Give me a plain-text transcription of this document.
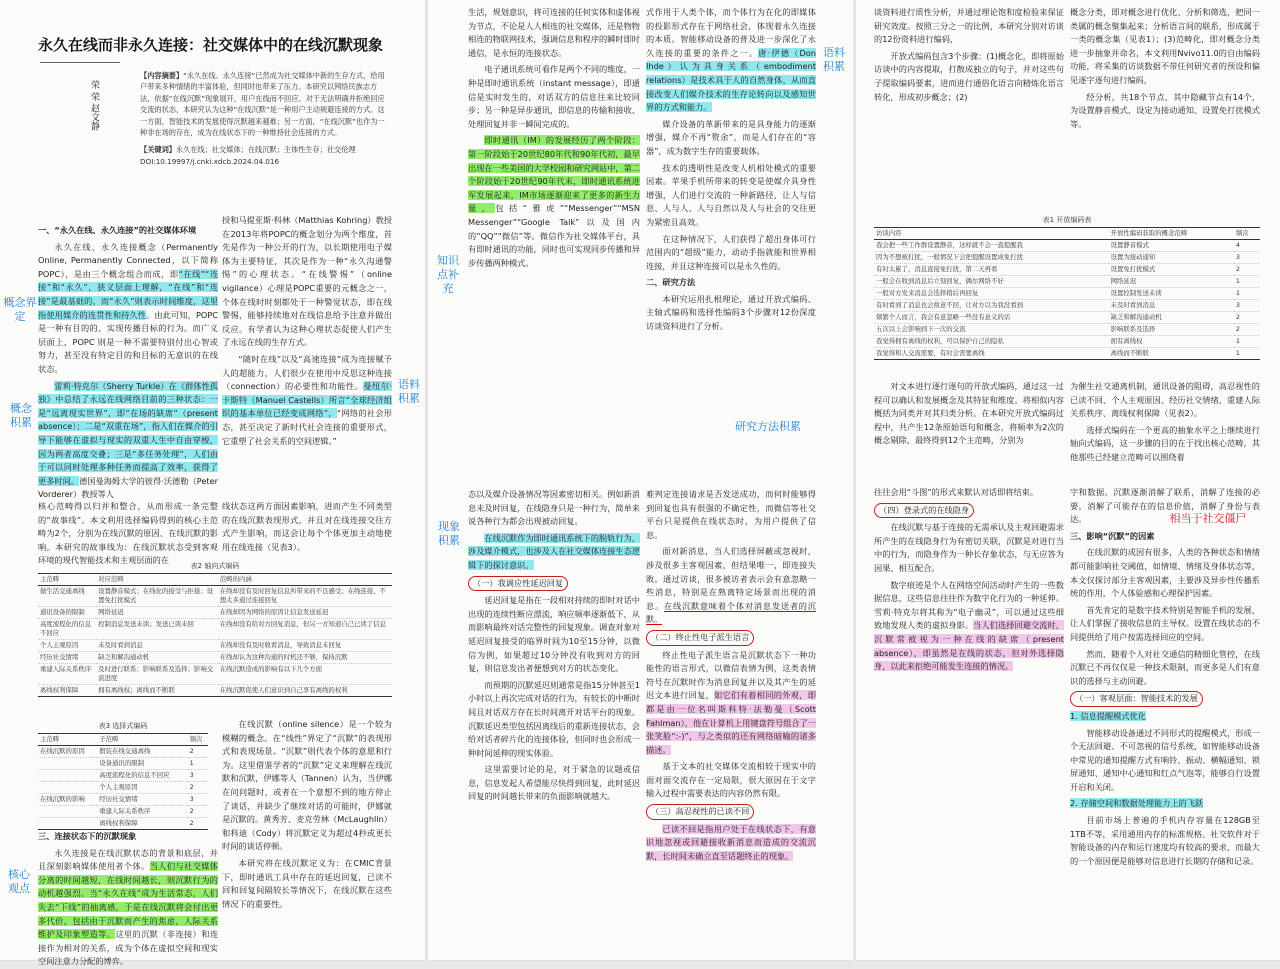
永久在线而非永久连接：社交媒体中的在线沉默现象
荣 荣 赵文静
【内容摘要】“永久在线、永久连接”已然成为社交媒体中新的生存方式，给用户带来多种情绪的丰富体验，但同时也带来了压力。本研究以网络民族志方法，依据“在线沉默”现象展开，用户在线而不回应。对于无法明确并拒绝回应交流的状态，本研究认为这种“在线沉默”是一种用户主动规避连接的方式。这一方面，智能技术的发展使得沉默越来越难；另一方面，“在线沉默”也作为一种非在场的存在，成为在线状态下的一种维持社会连接的方式。
【关键词】永久在线；社交媒体；在线沉默；主体性生存；社交伦理
DOI:10.19997/j.cnki.xdcb.2024.04.016

一、“永久在线、永久连接”的社交媒体环境

永久在线、永久连接概念（Permanently Online, Permanently Connected，以下简称 POPC），是由三个概念组合而成，即“在线”“连接”和“永久”，狭义层面上理解，“在线”和“连接”是最基础的，而“永久”则表示时间维度，这里指使用媒介的连贯性和持久性。由此可知，POPC 是一种有目的的、实现传播目标的行为。而广义层面上，POPC 则是一种不需要特别付出心智或努力，甚至没有特定目的和目标的无意识的在线状态。

雷莉·特克尔（Sherry Turkle）在《群体性孤独》中总结了永远在线网络目前的三种状态：一是“远离现实世界”，即“在场的缺席”（present absence）；二是“双重在场”，指人们在媒介的引导下能够在虚拟与现实的双重人生中自由穿梭，因为两者高度交叠；三是“多任务处理”，人们由于可以同时处理多种任务而提高了效率，获得了更多时间。德国曼海姆大学的彼得·沃德勒（Peter Vorderer）教授等人

授和马提亚斯·科林（Matthias Kohring）教授在2013年将POPC的概念划分为两个维度，首先是作为一种公开的行为，以长期使用电子媒体为主要特征，其次是作为一种“永久沟通警惕”的心理状态。“在线警惕”（online vigilance）心理是POPC重要的元概念之一，个体在线时时刻都处于一种警觉状态，即在线警惕，能够持续地对在线信息给予注意并做出反应。有学者认为这种心理状态促使人们产生了永远在线的生存方式。

“随时在线”以及“高速连接”成为连接赋予人的超能力，人们很少在使用中反思这种连接（connection）的必要性和功能性。曼纽尔·卡斯特（Manuel Castells）所言“全球经济组织的基本单位已经变成网络”，“网络的社会形态，甚至决定了新时代社会连接的重要形式，它重塑了社会关系的空间逻辑。”

核心范畴得以归并和整合，从而形成一条完整的“故事线”。本文利用选择编码得到的核心主范畴为2个，分别为在线沉默的原因、在线沉默的影响。本研究的故事线为：在线沉默状态受到客观环境的现代智能技术和主观层面的在

线状态这两方面因素影响，进而产生不同类型的在线沉默表现形式，并且对在线连接交往方式产生影响，而这会让每个个体更加主动地使用在线连接（见表3）。

表2 轴向式编码
主范畴	对应范畴	范畴的内涵
做生活交通离线	设置静音模式；在线化的接受与拒接；设置免打扰模式	在线却没有及时回复信息所带来的不良感受；在线连接，不想太多通过连接回复
通讯设备的限制	网络延迟	在线却因为网络的原因让信息发送延迟
高度流程化的信息不回应	控制消息发送未读；发送已读未回	在线却没有给对方回复消息，但另一方知道自己已读了信息
个人主观原因	未及时看到消息	在线却没有及时收看消息，导致消息未回复
经历社交情绪	缺乏和解沟通动机	在线却认为这种沟通的时机还不够，保持沉默
重建人际关系秩序	及时进行联系；影响联系及选择；影响交流进度	在线沉默造成的影响有以下几个方面
离线权利保障	拥有离线权；离线而不断联	在线沉默促使人们意识到自己享有离线的权利
表3 选择式编码
主范畴	子范畴	频次
在线沉默的原因	假装在线交通离线	2
	设备通讯的限制	1
	高度流程化的信息不回应	3
	个人主观原因	2
在线沉默的影响	经历社交情绪	3
	重建人际关系秩序	2
	离线权利保障	2

三、连接状态下的沉默现象

永久连接是在线沉默状态的背景和底层，并且深刻影响媒体使用者个体。当人们与社交媒体分离的时间越短，在线时间越长，则沉默行为的动机越强烈。当“永久在线”成为生活常态，人们失去“下线”的抽离感，于是在线沉默将会付出更多代价，包括由于沉默而产生的焦虑，人际关系维护及印象塑造等。这里的沉默（非连接）和连接作为相对的关系，成为个体在虚拟空间和现实空间注意力分配的博弈。

在线沉默（online silence）是一个较为模糊的概念。在“线性”界定了“沉默”的表现形式和表现场景。“沉默”则代表个体的意愿和行为。这里借鉴学者的“沉默”定义来理解在线沉默和沉默，伊娜等人（Tannen）认为，当伊娜在问问题时，或者在一个意想不到的地方停止了谈话，并缺少了继续对话的可能时，伊娜就是沉默的。黄秀芳、麦克劳林（McLaughlin）和科迪（Cody）将沉默定义为超过4秒或更长时间的谈话停顿。

本研究将在线沉默定义为：在CMIC背景下，即时通讯工具中存在的延迟回复，已读不回和回复间隔较长等情况下，在线沉默在这些情况下的重要性。

概念界定
概念积累
语料积累
核心观点

生活，规划意识，将可连接的任何实体和虚体视为节点，不论是人人相连的社交媒体，还是物物相连的物联网技术，强调信息和程序的瞬时即时通信，是永恒的连接状态。

电子通讯系统可看作是两个不同的维度，一种是即时通讯系统（instant message），即通信是实时发生的，对话双方的信息往来比较同步；另一种是异步通讯，即信息的传输和接收、处理回复并非一瞬间完成的。

即时通讯（IM）的发展经历了两个阶段：第一阶段始于20世纪80年代和90年代初，最早出现在一些美国的大学校园和研究网站中，第二个阶段始于20世纪90年代末，即时通讯系统进军发展起来，IM市场逐渐迎来了更多的新生力量，包括“雅虎”“Messenger”“MSN Messenger”“Google Talk”以及国内的“QQ”“微信”等。微信作为社交媒体平台，具有即时通讯的功能，同时也可实现同步传播和异步传播两种模式。

式作用于人类个体，而个体行为在化的即媒体的投影形式存在于网络社会，体现着永久连接的本质。智能移动设备的普及进一步深化了永久连接的重要的条件之一。唐·伊德（Don Ihde）认为具身关系（embodiment relations）是技术具于人的自然身体，从而直接改变人们媒介技术的生存论转向以及感知世界的方式和能力。

媒介设备的革新带来的是具身能力的逐渐增强，媒介不再“赘余”，而是人们存在的“容器”，成为数字生存的重要载体。

技术的透明性是改变人机相处模式的重要因素。苹果手机所带来的转变是使媒介具身性增强，人们进行交流的一种新路径，让人与信息、人与人、人与自然以及人与社会的交往更为紧密且高效。

在这种情况下，人们获得了超出身体可行范围内的“超级”能力，动动手指就能和世界相连接，并且这种连接可以是永久性的。

二、研究方法

本研究运用扎根理论，通过开放式编码、主轴式编码和选择性编码3个步骤对12份深度访谈资料进行了分析。

态以及媒介设备情况等因素密切相关。例如新消息未及时回复，在线隐身只是一种行为，简单来说各种行为都会出现被动回复。

在线沉默作为即时通讯系统下的脱轨行为，涉及媒介模式，也涉及人在社交媒体连接生态逻辑下的探讨意识。

（一）我调应性延迟回复

延迟回复是指在一段相对持续的即时对话中出现的连续性断应漂流，响应频率逐渐低下，从而影响最终对话完整性的回复现象。调查对象对延迟回复接受的临界时间为10至15分钟，以微信为例，如果超过10分钟没有收到对方的回复，则信息发出者便想到对方的状态变化。

而预期的沉默延迟则通常是指15分钟甚至1小时以上再次完成对话的行为，有较长的中断时间且对话双方存在长时间离开对话平台的现象。沉默延迟类型包括因离线后的重新连接状态，会给对话者碎片化的连接体验，但同时也会形成一种时间延伸的现实体验。

这里需要讨论的是，对于紧急的议题或信息，信息发起人希望能尽快得到回复，此时延迟回复的时间越长带来的负面影响就越大。

难判定连接请求是否发送成功，而何时能够得到回复也具有很强的不确定性，而微信等社交平台只是提供在线状态时，为用户提供了信息。

面对新消息，当人们选择屏蔽或忽视时，涉及很多主客观因素，但结果唯一，即连接失败。通过访谈，很多被访者表示会有意忽略一些消息，特别是在熟离特定场景而出现的消息。在线沉默意味着个体对消息发送者的沉默。

（二）终止性电子派生语言

终止性电子派生语言是沉默状态下一种功能性的语言形式，以微信表情为例，这类表情符号在沉默时作为消息回复并以及其产生的延迟文本进行回复，如它们有着相同的外观，即都是由一位名叫斯科特·法勒曼（Scott Fahlman），他在计算机上用键盘符号组合了一张笑脸“:-)”，与之类似的还有网络暗喻的诸多描述。

基于文本的社交媒体交流相较于现实中的面对面交流存在一定局限，很大原因在于文字输入过程中需要表达的内容仍然有限。

（三）高忍视性的已读不回

已读不回是指用户处于在线状态下，有意识地忽视或回避接收新消息而造成的交流沉默，长时间未确立直至话题终止的现象。

知识点补充
语料积累
现象积累
研究方法积累

谈资料进行质性分析，并通过理论饱和度检验来保证研究效度。按照三分之一的比例，本研究分别对访谈的12份资料进行编码，

开放式编码包含3个步骤：(1)概念化，即将原始访谈中的内容提取，打散成独立的句子，并对这些句子提取编码要素，进而进行通俗化语言向精炼化语言转化，形成初步概念；(2)

概念分类，即对概念进行优化、分析和筛选，把同一类属的概念聚集起来；分析语言间的联系，形成属于一类的概念集（见表1）；(3)范畴化，即对概念分类进一步抽象并命名，本文利用Nvivo11.0的自由编码功能，将采集的访谈数据不带任何研究者的预设和偏见逐字逐句进行编码，

经分析，共18个节点，其中隐藏节点有14个，为设置静音模式、设定为接动通知、设置免打扰模式等。

表1 开放编码表
访谈内容	开放性编码获取的概念范畴	频次
我会把一些工作群设置静音，这样就不会一直提醒我	设置静音模式	4
因为不想被打扰，一般情况下会把提醒设置成免打扰	设置为接动通知	3
有时太累了，消息直接免打扰，第二天再看	设置免打扰模式	2
一般会在收到消息后立刻回复，偶尔网络不好	网络延迟	1
一般对方发来消息会选择稍后再回复	设置控制发送未读	1
有时看到了消息也会故意不回，让对方以为我没看到	未及时看到消息	3
频繁个人而言，我会有意忽略一些没有意义的话	缺乏和解沟通动机	2
五次以上会影响到下一次的交流	影响联系及选择	2
我觉得拥有离线的权利，可以保护自己的隐私	拥有离线权	1
我觉得和人交流需要，有时会需要离线	离线而不断联	1

对文本进行逐行逐句的开放式编码，通过这一过程可以确认和发展概念及其特征和维度。将相似内容概括为同类并对其归类分析。在本研究开放式编码过程中，共产生12条原始语句和概念，将频率为2次的概念剔除，最终得到12个主范畴，分别为

为催生社交通离机制，通讯设备的阻碍，高忍视性的已读不回、个人主观原因、经历社交情绪，重建人际关系秩序、离线权利保障（见表2）。

选择式编码在一个更高的抽象水平之上继续进行轴向式编码，这一步骤的目的在于找出核心范畴，其他那些已经建立范畴可以围绕着

往往会用“斗图”的形式来默认对话即将结束。

（四）登录式的在线隐身

在线沉默与基于连接的无需承认及主观回避需求所产生的在线隐身行为有密切关联，沉默是对进行当中的行为，而隐身作为一种长存象状态，与无应答为因果、相互配合。

数字痕迹是个人在网络空间活动时产生的一些数据信息，这些信息往往作为数字化行为的一种延伸。雪莉·特克尔将其称为“电子幽灵”，可以通过这些细致地发现人类的虚拟身影。当人们选择回避交流时，沉默常被视为一种在线的缺席（present absence），即虽然是在线的状态，但对外选择隐身，以此来拒绝可能发生连接的情况。

字和数据。沉默逐渐消解了联系，消解了连接的必要，消解了可能存在的信息价值，消解了身份与表达。

三、影响“沉默”的因素

在线沉默的成因有很多，人类的各种状态和情绪都可能影响社交阈值，如情境、情绪及身体状态等，本文仅探讨部分主客观因素，主要涉及异步性传播系统的作用，个人体验感和心理保护因素。

首先肯定的是数字技术特别是智能手机的发展，让人们掌握了接收信息的主导权。设置在线状态的不同提供给了用户按需选择回应的空间。

然而，随着个人对社交通信的精细化管控，在线沉默已不再仅仅是一种技术限制，而更多是人们有意识的选择与主动回避。

（一）客观层面：智能技术的发展

1. 信息提醒模式优化

智能移动设备通过不同形式的提醒模式，形成一个无法回避、不可忽视的信号系统，如智能移动设备中常见的通知提醒方式有响铃、振动、横幅通知、锁屏通知、通知中心通知和红点气泡等，能够自行设置开启和关闭。

2. 存储空间和数据处理能力上的飞跃

目前市场上普遍的手机内存容量在128GB至1TB不等，采用通用内存的标准规格。社交软件对于智能设备的内存和运行速度均有较高的要求，而最大的一个原因便是能够对信息进行长期的存储和记录。

相当于社交僵尸
